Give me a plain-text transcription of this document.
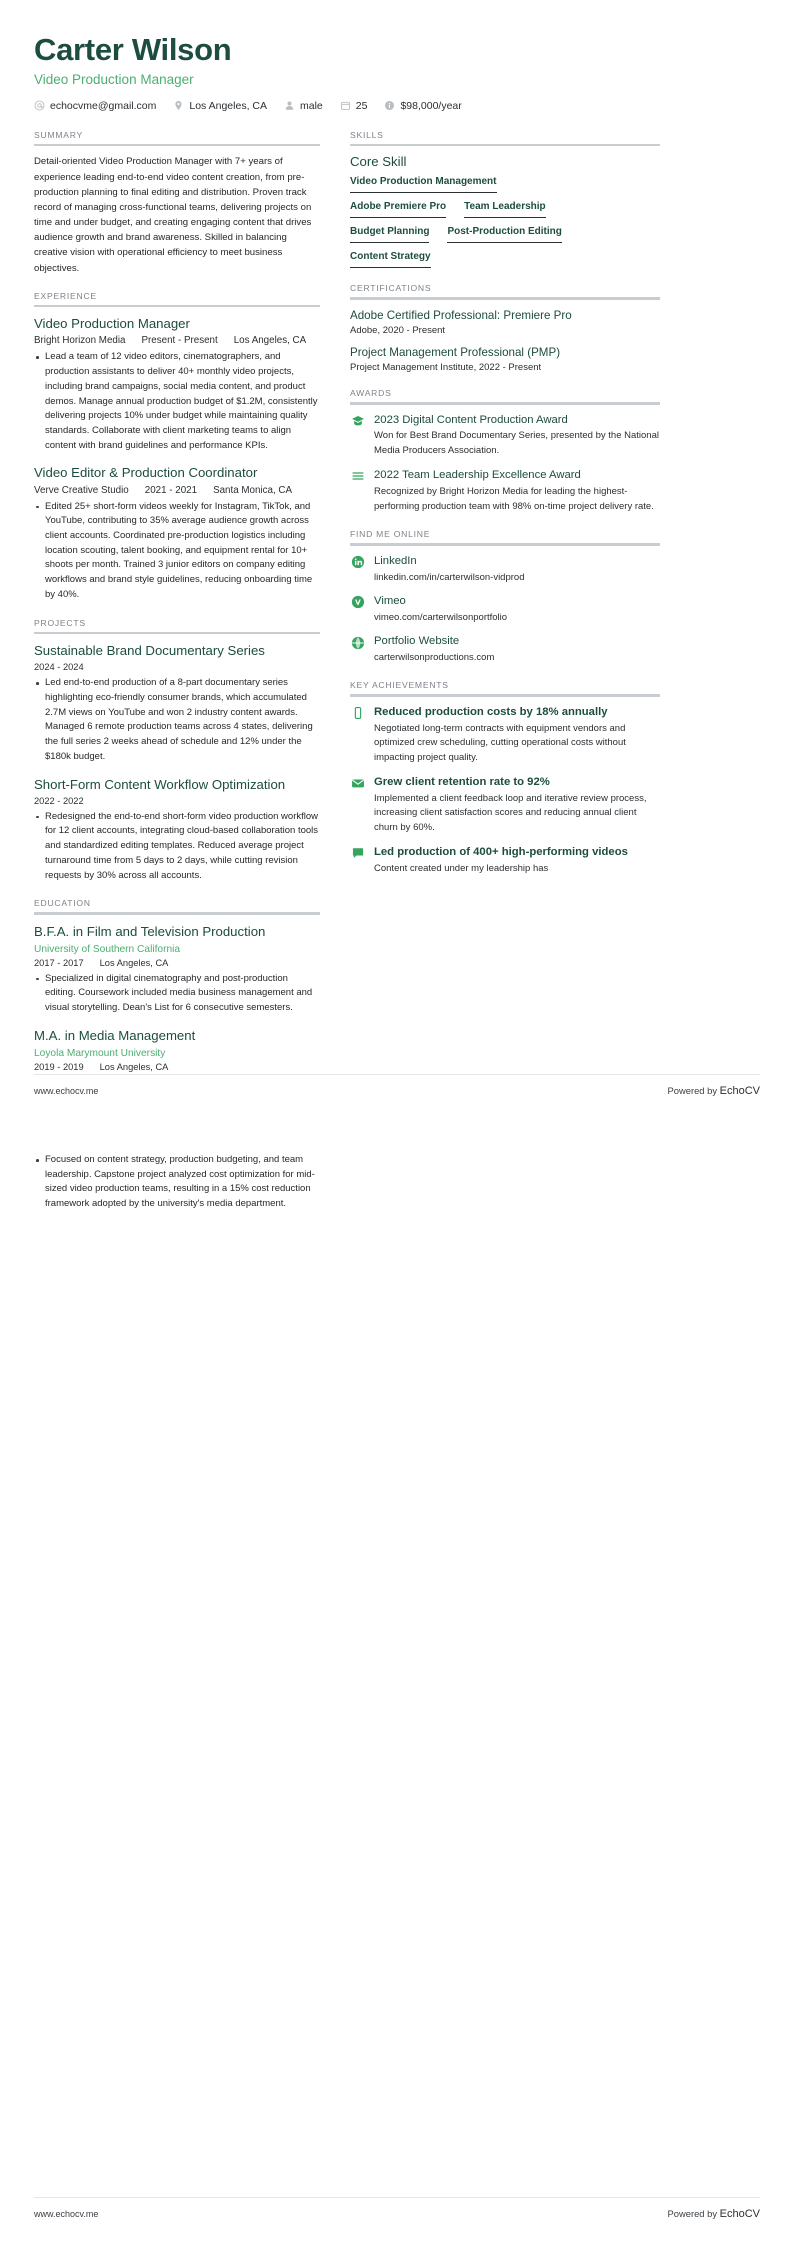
Carter Wilson
Video Production Manager
echocvme@gmail.com	Los Angeles, CA	male	25	$98,000/year
SUMMARY
Detail-oriented Video Production Manager with 7+ years of experience leading end-to-end video content creation, from pre-production planning to final editing and distribution. Proven track record of managing cross-functional teams, delivering projects on time and under budget, and creating engaging content that drives audience growth and brand awareness. Skilled in balancing creative vision with operational efficiency to meet business objectives.
EXPERIENCE
Video Production Manager
Bright Horizon Media Present - Present Los Angeles, CA
Lead a team of 12 video editors, cinematographers, and production assistants to deliver 40+ monthly video projects, including brand campaigns, social media content, and product demos. Manage annual production budget of $1.2M, consistently delivering projects 10% under budget while maintaining quality standards. Collaborate with client marketing teams to align content with brand guidelines and performance KPIs.
Video Editor & Production Coordinator
Verve Creative Studio 2021 - 2021 Santa Monica, CA
Edited 25+ short-form videos weekly for Instagram, TikTok, and YouTube, contributing to 35% average audience growth across client accounts. Coordinated pre-production logistics including location scouting, talent booking, and equipment rental for 10+ shoots per month. Trained 3 junior editors on company editing workflows and brand style guidelines, reducing onboarding time by 40%.
PROJECTS
Sustainable Brand Documentary Series
2024 - 2024
Led end-to-end production of a 8-part documentary series highlighting eco-friendly consumer brands, which accumulated 2.7M views on YouTube and won 2 industry content awards. Managed 6 remote production teams across 4 states, delivering the full series 2 weeks ahead of schedule and 12% under the $180k budget.
Short-Form Content Workflow Optimization
2022 - 2022
Redesigned the end-to-end short-form video production workflow for 12 client accounts, integrating cloud-based collaboration tools and standardized editing templates. Reduced average project turnaround time from 5 days to 2 days, while cutting revision requests by 30% across all accounts.
EDUCATION
B.F.A. in Film and Television Production
University of Southern California
2017 - 2017 Los Angeles, CA
Specialized in digital cinematography and post-production editing. Coursework included media business management and visual storytelling. Dean's List for 6 consecutive semesters.
M.A. in Media Management
Loyola Marymount University
2019 - 2019 Los Angeles, CA
SKILLS
Core Skill
Video Production Management
Adobe Premiere Pro Team Leadership
Budget Planning Post-Production Editing
Content Strategy
CERTIFICATIONS
Adobe Certified Professional: Premiere Pro
Adobe, 2020 - Present
Project Management Professional (PMP)
Project Management Institute, 2022 - Present
AWARDS
2023 Digital Content Production Award
Won for Best Brand Documentary Series, presented by the National Media Producers Association.
2022 Team Leadership Excellence Award
Recognized by Bright Horizon Media for leading the highest-performing production team with 98% on-time project delivery rate.
FIND ME ONLINE
LinkedIn
linkedin.com/in/carterwilson-vidprod
Vimeo
vimeo.com/carterwilsonportfolio
Portfolio Website
carterwilsonproductions.com
KEY ACHIEVEMENTS
Reduced production costs by 18% annually
Negotiated long-term contracts with equipment vendors and optimized crew scheduling, cutting operational costs without impacting project quality.
Grew client retention rate to 92%
Implemented a client feedback loop and iterative review process, increasing client satisfaction scores and reducing annual client churn by 60%.
Led production of 400+ high-performing videos
Content created under my leadership has
www.echocv.me	Powered by EchoCV
Focused on content strategy, production budgeting, and team leadership. Capstone project analyzed cost optimization for mid-sized video production teams, resulting in a 15% cost reduction framework adopted by the university's media department.
www.echocv.me	Powered by EchoCV
